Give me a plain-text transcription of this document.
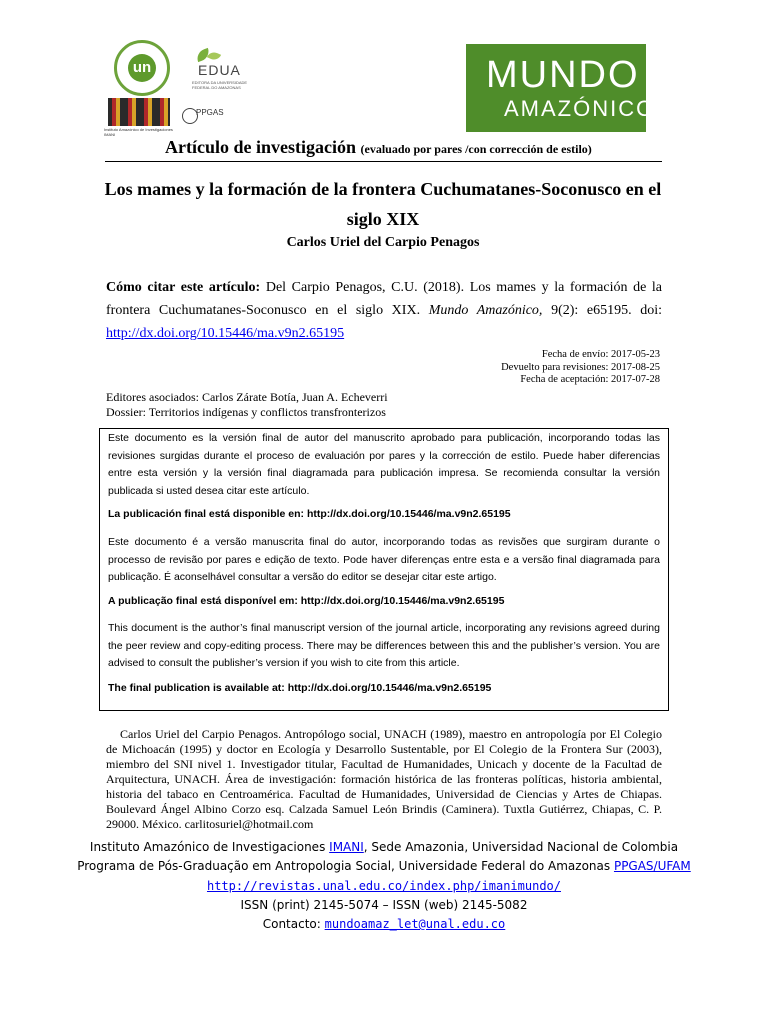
un	EDUA
EDITORA DA UNIVERSIDADE FEDERAL DO AMAZONAS
Instituto Amazónico de Investigaciones IMANI
PPGAS
MUNDO
AMAZÓNICO
Artículo de investigación (evaluado por pares /con corrección de estilo)
Los mames y la formación de la frontera Cuchumatanes-Soconusco en el siglo XIX
Carlos Uriel del Carpio Penagos
Cómo citar este artículo: Del Carpio Penagos, C.U. (2018). Los mames y la formación de la frontera Cuchumatanes-Soconusco en el siglo XIX. Mundo Amazónico, 9(2): e65195. doi: http://dx.doi.org/10.15446/ma.v9n2.65195
Fecha de envío: 2017-05-23
Devuelto para revisiones: 2017-08-25
Fecha de aceptación: 2017-07-28
Editores asociados: Carlos Zárate Botía, Juan A. Echeverri
Dossier: Territorios indígenas y conflictos transfronterizos
Este documento es la versión final de autor del manuscrito aprobado para publicación, incorporando todas las revisiones surgidas durante el proceso de evaluación por pares y la corrección de estilo. Puede haber diferencias entre esta versión y la versión final diagramada para publicación impresa. Se recomienda consultar la versión publicada si usted desea citar este artículo.
La publicación final está disponible en: http://dx.doi.org/10.15446/ma.v9n2.65195
Este documento é a versão manuscrita final do autor, incorporando todas as revisões que surgiram durante o processo de revisão por pares e edição de texto. Pode haver diferenças entre esta e a versão final diagramada para publicação. É aconselhável consultar a versão do editor se desejar citar este artigo.
A publicação final está disponível em: http://dx.doi.org/10.15446/ma.v9n2.65195
This document is the author’s final manuscript version of the journal article, incorporating any revisions agreed during the peer review and copy-editing process. There may be differences between this and the publisher’s version. You are advised to consult the publisher’s version if you wish to cite from this article.
The final publication is available at: http://dx.doi.org/10.15446/ma.v9n2.65195
Carlos Uriel del Carpio Penagos. Antropólogo social, UNACH (1989), maestro en antropología por El Colegio de Michoacán (1995) y doctor en Ecología y Desarrollo Sustentable, por El Colegio de la Frontera Sur (2003), miembro del SNI nivel 1. Investigador titular, Facultad de Humanidades, Unicach y docente de la Facultad de Arquitectura, UNACH. Área de investigación: formación histórica de las fronteras políticas, historia ambiental, historia del tabaco en Centroamérica. Facultad de Humanidades, Universidad de Ciencias y Artes de Chiapas. Boulevard Ángel Albino Corzo esq. Calzada Samuel León Brindis (Caminera). Tuxtla Gutiérrez, Chiapas, C. P. 29000. México. carlitosuriel@hotmail.com
Instituto Amazónico de Investigaciones IMANI, Sede Amazonia, Universidad Nacional de Colombia
Programa de Pós-Graduação em Antropologia Social, Universidade Federal do Amazonas PPGAS/UFAM
http://revistas.unal.edu.co/index.php/imanimundo/
ISSN (print) 2145-5074 – ISSN (web) 2145-5082
Contacto: mundoamaz_let@unal.edu.co
